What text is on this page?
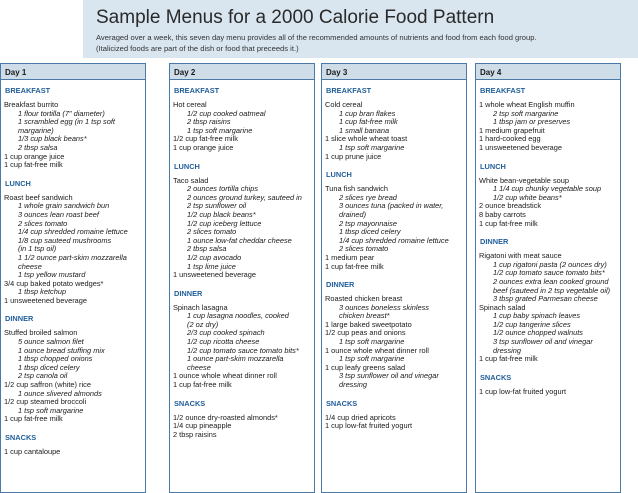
Sample Menus for a 2000 Calorie Food Pattern
Averaged over a week, this seven day menu provides all of the recommended amounts of nutrients and food from each food group.
(Italicized foods are part of the dish or food that preceeds it.)
Day 1
BREAKFAST
Breakfast burrito
1 flour tortilla (7" diameter)
1 scrambled egg (in 1 tsp soft
margarine)
1/3 cup black beans*
2 tbsp salsa
1 cup orange juice
1 cup fat-free milk
LUNCH
Roast beef sandwich
1 whole grain sandwich bun
3 ounces lean roast beef
2 slices tomato
1/4 cup shredded romaine lettuce
1/8 cup sauteed mushrooms
(in 1 tsp oil)
1 1/2 ounce part-skim mozzarella
cheese
1 tsp yellow mustard
3/4 cup baked potato wedges*
1 tbsp ketchup
1 unsweetened beverage
DINNER
Stuffed broiled salmon
5 ounce salmon filet
1 ounce bread stuffing mix
1 tbsp chopped onions
1 tbsp diced celery
2 tsp canola oil
1/2 cup saffron (white) rice
1 ounce slivered almonds
1/2 cup steamed broccoli
1 tsp soft margarine
1 cup fat-free milk
SNACKS
1 cup cantaloupe
Day 2
BREAKFAST
Hot cereal
1/2 cup cooked oatmeal
2 tbsp raisins
1 tsp soft margarine
1/2 cup fat-free milk
1 cup orange juice
LUNCH
Taco salad
2 ounces tortilla chips
2 ounces ground turkey, sauteed in
2 tsp sunflower oil
1/2 cup black beans*
1/2 cup iceberg lettuce
2 slices tomato
1 ounce low-fat cheddar cheese
2 tbsp salsa
1/2 cup avocado
1 tsp lime juice
1 unsweetened beverage
DINNER
Spinach lasagna
1 cup lasagna noodles, cooked
(2 oz dry)
2/3 cup cooked spinach
1/2 cup ricotta cheese
1/2 cup tomato sauce tomato bits*
1 ounce part-skim mozzarella
cheese
1 ounce whole wheat dinner roll
1 cup fat-free milk
SNACKS
1/2 ounce dry-roasted almonds*
1/4 cup pineapple
2 tbsp raisins
Day 3
BREAKFAST
Cold cereal
1 cup bran flakes
1 cup fat-free milk
1 small banana
1 slice whole wheat toast
1 tsp soft margarine
1 cup prune juice
LUNCH
Tuna fish sandwich
2 slices rye bread
3 ounces tuna (packed in water,
drained)
2 tsp mayonnaise
1 tbsp diced celery
1/4 cup shredded romaine lettuce
2 slices tomato
1 medium pear
1 cup fat-free milk
DINNER
Roasted chicken breast
3 ounces boneless skinless
chicken breast*
1 large baked sweetpotato
1/2 cup peas and onions
1 tsp soft margarine
1 ounce whole wheat dinner roll
1 tsp soft margarine
1 cup leafy greens salad
3 tsp sunflower oil and vinegar
dressing
SNACKS
1/4 cup dried apricots
1 cup low-fat fruited yogurt
Day 4
BREAKFAST
1 whole wheat English muffin
2 tsp soft margarine
1 tbsp jam or preserves
1 medium grapefruit
1 hard-cooked egg
1 unsweetened beverage
LUNCH
White bean-vegetable soup
1 1/4 cup chunky vegetable soup
1/2 cup white beans*
2 ounce breadstick
8 baby carrots
1 cup fat-free milk
DINNER
Rigatoni with meat sauce
1 cup rigatoni pasta (2 ounces dry)
1/2 cup tomato sauce tomato bits*
2 ounces extra lean cooked ground
beef (sauteed in 2 tsp vegetable oil)
3 tbsp grated Parmesan cheese
Spinach salad
1 cup baby spinach leaves
1/2 cup tangerine slices
1/2 ounce chopped walnuts
3 tsp sunflower oil and vinegar
dressing
1 cup fat-free milk
SNACKS
1 cup low-fat fruited yogurt
